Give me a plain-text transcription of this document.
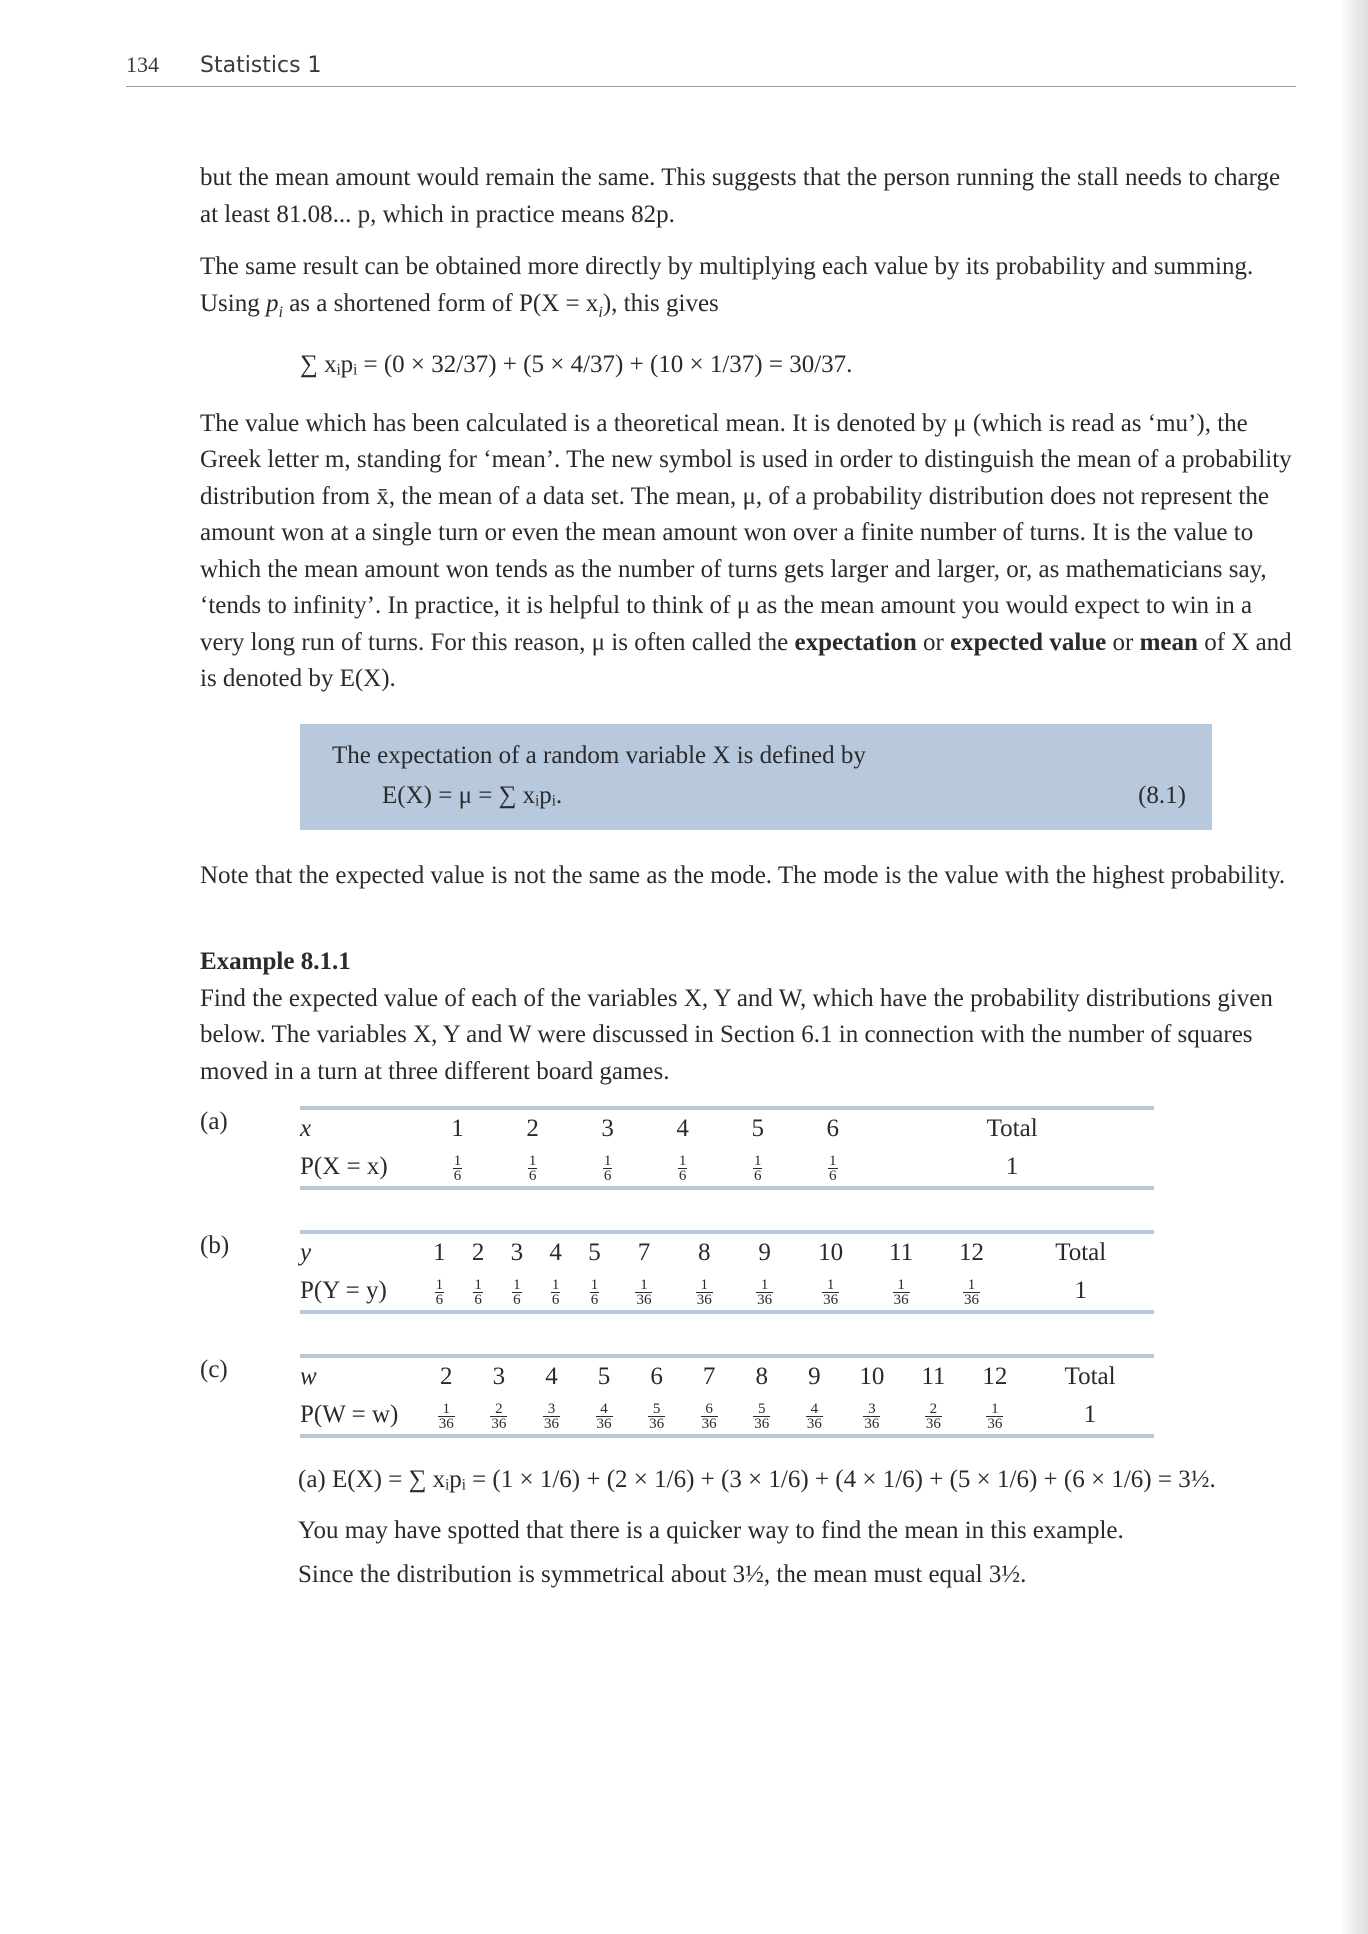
134 Statistics 1

but the mean amount would remain the same. This suggests that the person running the stall needs to charge at least 81.08... p, which in practice means 82p.

The same result can be obtained more directly by multiplying each value by its probability and summing. Using $p_i$ as a shortened form of $P(X = x_i)$, this gives

∑ xᵢpᵢ = (0 × 32/37) + (5 × 4/37) + (10 × 1/37) = 30/37.

The value which has been calculated is a theoretical mean. It is denoted by μ (which is read as ‘mu’), the Greek letter m, standing for ‘mean’. The new symbol is used in order to distinguish the mean of a probability distribution from x̄, the mean of a data set. The mean, μ, of a probability distribution does not represent the amount won at a single turn or even the mean amount won over a finite number of turns. It is the value to which the mean amount won tends as the number of turns gets larger and larger, or, as mathematicians say, ‘tends to infinity’. In practice, it is helpful to think of μ as the mean amount you would expect to win in a very long run of turns. For this reason, μ is often called the expectation or expected value or mean of X and is denoted by E(X).

The expectation of a random variable X is defined by
E(X) = μ = ∑ xᵢpᵢ.	(8.1)

Note that the expected value is not the same as the mode. The mode is the value with the highest probability.

Example 8.1.1

Find the expected value of each of the variables X, Y and W, which have the probability distributions given below. The variables X, Y and W were discussed in Section 6.1 in connection with the number of squares moved in a turn at three different board games.

(a)	x	1	2	3	4	5	6	Total
P(X = x)	$\frac{1}{6}$	$\frac{1}{6}$	$\frac{1}{6}$	$\frac{1}{6}$	$\frac{1}{6}$	$\frac{1}{6}$	1
(b)	y	1	2	3	4	5	7	8	9	10	11	12	Total
P(Y = y)	$\frac{1}{6}$	$\frac{1}{6}$	$\frac{1}{6}$	$\frac{1}{6}$	$\frac{1}{6}$	$\frac{1}{36}$	$\frac{1}{36}$	$\frac{1}{36}$	$\frac{1}{36}$	$\frac{1}{36}$	$\frac{1}{36}$	1
(c)	w	2	3	4	5	6	7	8	9	10	11	12	Total
P(W = w)	$\frac{1}{36}$	$\frac{2}{36}$	$\frac{3}{36}$	$\frac{4}{36}$	$\frac{5}{36}$	$\frac{6}{36}$	$\frac{5}{36}$	$\frac{4}{36}$	$\frac{3}{36}$	$\frac{2}{36}$	$\frac{1}{36}$	1

(a) E(X) = ∑ xᵢpᵢ = (1 × 1/6) + (2 × 1/6) + (3 × 1/6) + (4 × 1/6) + (5 × 1/6) + (6 × 1/6) = 3½.

You may have spotted that there is a quicker way to find the mean in this example.

Since the distribution is symmetrical about 3½, the mean must equal 3½.
